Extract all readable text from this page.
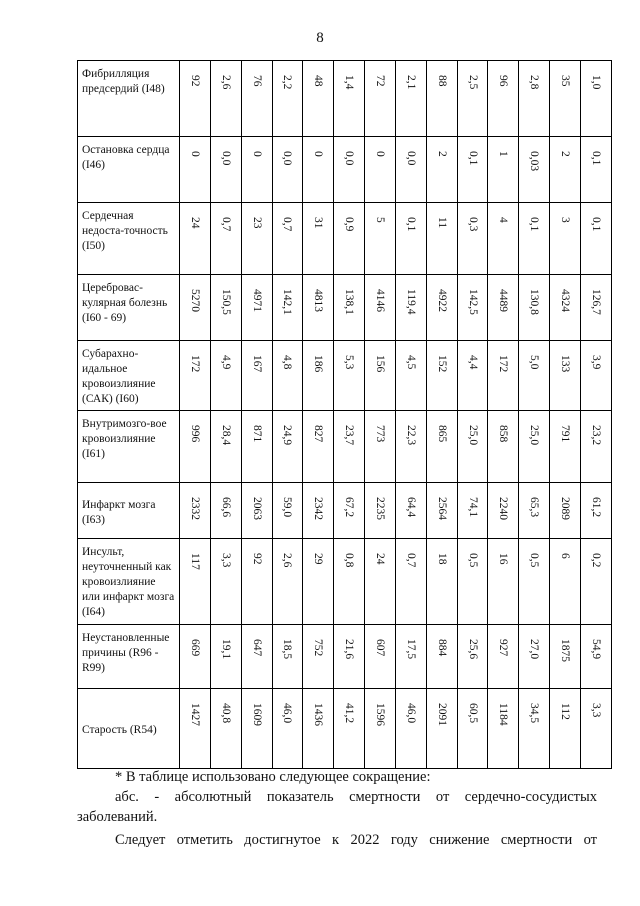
8
Фибрилляция предсердий (I48)	92	2,6	76	2,2	48	1,4	72	2,1	88	2,5	96	2,8	35	1,0

Остановка сердца (I46)	0	0,0	0	0,0	0	0,0	0	0,0	2	0,1	1	0,03	2	0,1

Сердечная недоста-точность (I50)	24	0,7	23	0,7	31	0,9	5	0,1	11	0,3	4	0,1	3	0,1

Церебровас-кулярная болезнь (I60 - 69)	5270	150,5	4971	142,1	4813	138,1	4146	119,4	4922	142,5	4489	130,8	4324	126,7

Субарахно-идальное кровоизлияние (САК) (I60)	172	4,9	167	4,8	186	5,3	156	4,5	152	4,4	172	5,0	133	3,9

Внутримозго-вое кровоизлияние (I61)	996	28,4	871	24,9	827	23,7	773	22,3	865	25,0	858	25,0	791	23,2

Инфаркт мозга (I63)	2332	66,6	2063	59,0	2342	67,2	2235	64,4	2564	74,1	2240	65,3	2089	61,2

Инсульт, неуточненный как кровоизлияние или инфаркт мозга (I64)	117	3,3	92	2,6	29	0,8	24	0,7	18	0,5	16	0,5	6	0,2

Неустановленные причины (R96 - R99)	669	19,1	647	18,5	752	21,6	607	17,5	884	25,6	927	27,0	1875	54,9

Старость (R54)	1427	40,8	1609	46,0	1436	41,2	1596	46,0	2091	60,5	1184	34,5	112	3,3
* В таблице использовано следующее сокращение:
абс. - абсолютный показатель смертности от сердечно-сосудистых
заболеваний.
Следует отметить достигнутое к 2022 году снижение смертности от
